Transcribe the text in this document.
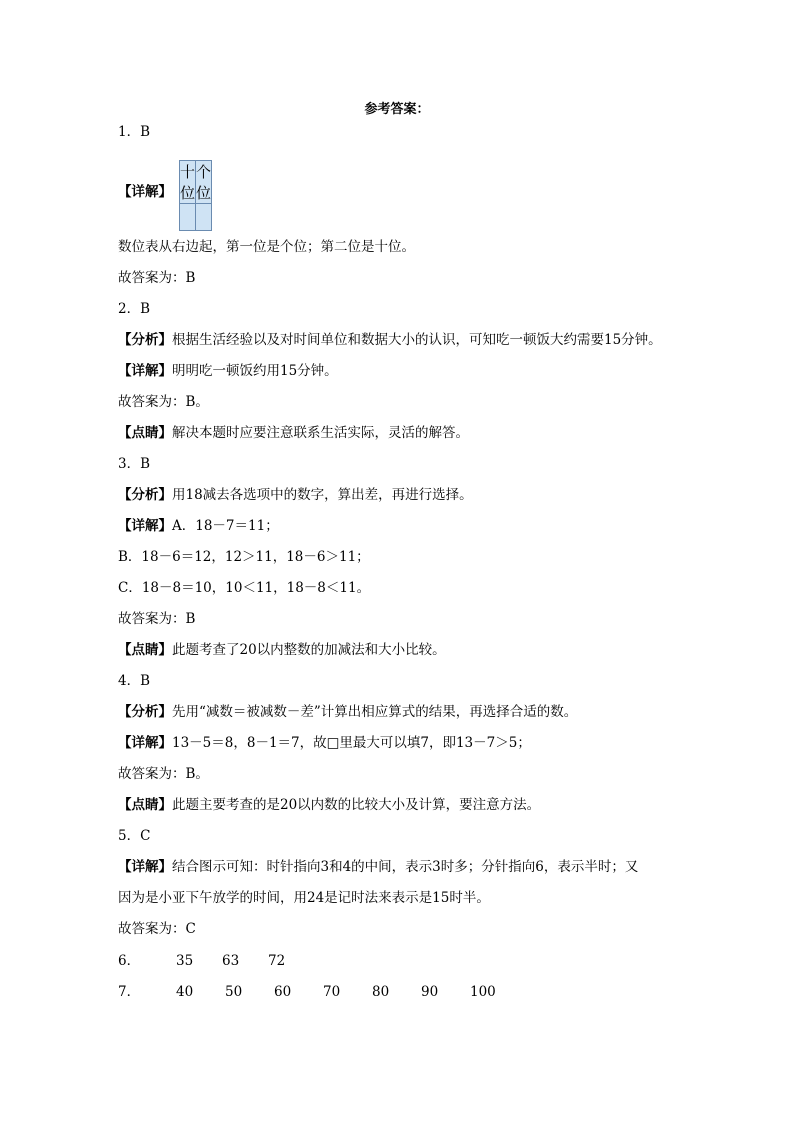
参考答案：
1．B
【详解】
十位	个位

数位表从右边起，第一位是个位；第二位是十位。
故答案为：B
2．B
【分析】根据生活经验以及对时间单位和数据大小的认识，可知吃一顿饭大约需要15分钟。
【详解】明明吃一顿饭约用15分钟。
故答案为：B。
【点睛】解决本题时应要注意联系生活实际，灵活的解答。
3．B
【分析】用18减去各选项中的数字，算出差，再进行选择。
【详解】A．18－7＝11；
B．18－6＝12，12＞11，18－6＞11；
C．18－8＝10，10＜11，18－8＜11。
故答案为：B
【点睛】此题考查了20以内整数的加减法和大小比较。
4．B
【分析】先用“减数＝被减数－差”计算出相应算式的结果，再选择合适的数。
【详解】13－5＝8，8－1＝7，故□里最大可以填7，即13－7＞5；
故答案为：B。
【点睛】此题主要考查的是20以内数的比较大小及计算，要注意方法。
5．C
【详解】结合图示可知：时针指向3和4的中间，表示3时多；分针指向6，表示半时；又
因为是小亚下午放学的时间，用24是记时法来表示是15时半。
故答案为：C
6．	35 63 72
7．	40 50 60 70 80 90 100
